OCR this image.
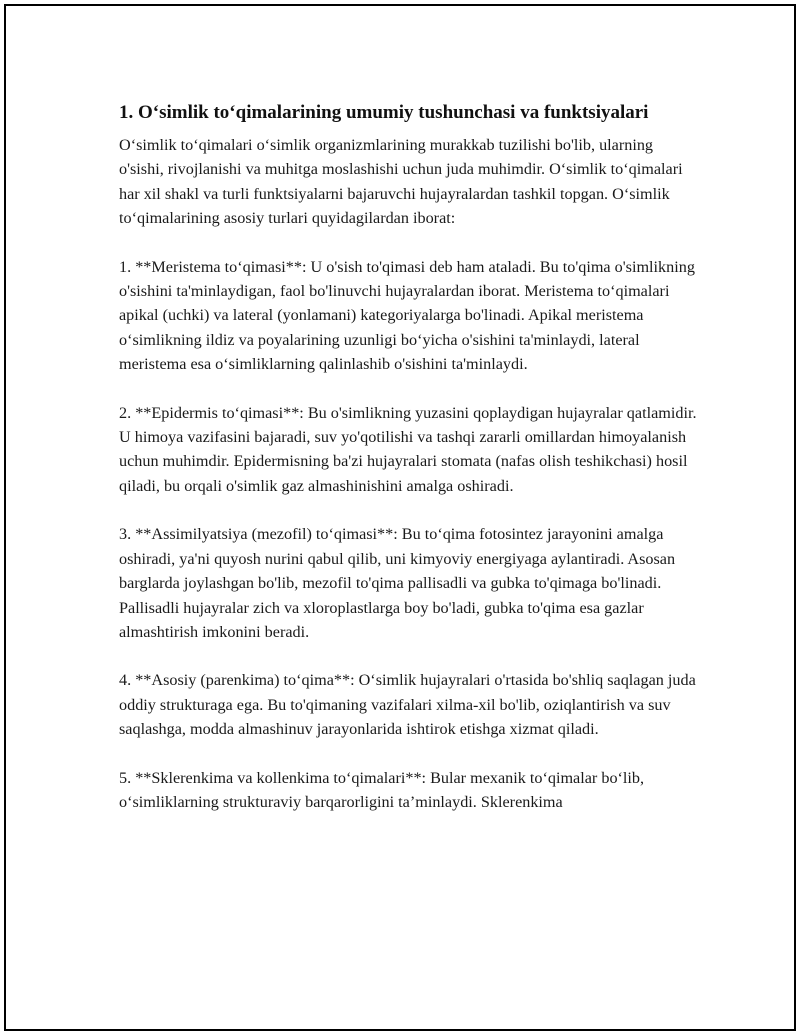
1. O‘simlik to‘qimalarining umumiy tushunchasi va funktsiyalari

O‘simlik to‘qimalari o‘simlik organizmlarining murakkab tuzilishi bo'lib, ularning o'sishi, rivojlanishi va muhitga moslashishi uchun juda muhimdir. O‘simlik to‘qimalari har xil shakl va turli funktsiyalarni bajaruvchi hujayralardan tashkil topgan. O‘simlik to‘qimalarining asosiy turlari quyidagilardan iborat:

1. **Meristema to‘qimasi**: U o'sish to'qimasi deb ham ataladi. Bu to'qima o'simlikning o'sishini ta'minlaydigan, faol bo'linuvchi hujayralardan iborat. Meristema to‘qimalari apikal (uchki) va lateral (yonlamani) kategoriyalarga bo'linadi. Apikal meristema o‘simlikning ildiz va poyalarining uzunligi bo‘yicha o'sishini ta'minlaydi, lateral meristema esa o‘simliklarning qalinlashib o'sishini ta'minlaydi.

2. **Epidermis to‘qimasi**: Bu o'simlikning yuzasini qoplaydigan hujayralar qatlamidir. U himoya vazifasini bajaradi, suv yo'qotilishi va tashqi zararli omillardan himoyalanish uchun muhimdir. Epidermisning ba'zi hujayralari stomata (nafas olish teshikchasi) hosil qiladi, bu orqali o'simlik gaz almashinishini amalga oshiradi.

3. **Assimilyatsiya (mezofil) to‘qimasi**: Bu to‘qima fotosintez jarayonini amalga oshiradi, ya'ni quyosh nurini qabul qilib, uni kimyoviy energiyaga aylantiradi. Asosan barglarda joylashgan bo'lib, mezofil to'qima pallisadli va gubka to'qimaga bo'linadi. Pallisadli hujayralar zich va xloroplastlarga boy bo'ladi, gubka to'qima esa gazlar almashtirish imkonini beradi.

4. **Asosiy (parenkima) to‘qima**: O‘simlik hujayralari o'rtasida bo'shliq saqlagan juda oddiy strukturaga ega. Bu to'qimaning vazifalari xilma-xil bo'lib, oziqlantirish va suv saqlashga, modda almashinuv jarayonlarida ishtirok etishga xizmat qiladi.

5. **Sklerenkima va kollenkima to‘qimalari**: Bular mexanik to‘qimalar bo‘lib, o‘simliklarning strukturaviy barqarorligini ta’minlaydi. Sklerenkima
